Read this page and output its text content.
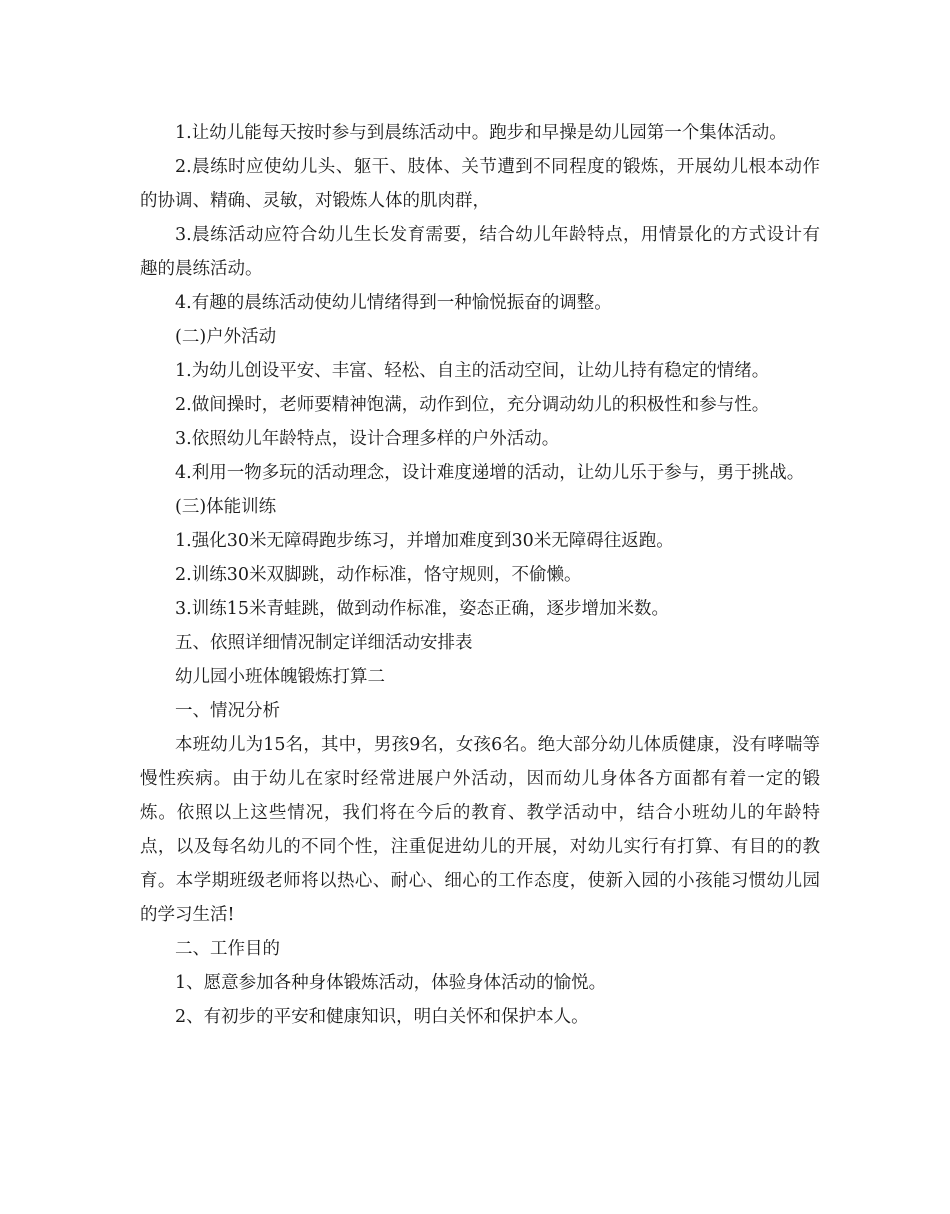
1.让幼儿能每天按时参与到晨练活动中。跑步和早操是幼儿园第一个集体活动。

2.晨练时应使幼儿头、躯干、肢体、关节遭到不同程度的锻炼，开展幼儿根本动作的协调、精确、灵敏，对锻炼人体的肌肉群，

3.晨练活动应符合幼儿生长发育需要，结合幼儿年龄特点，用情景化的方式设计有趣的晨练活动。

4.有趣的晨练活动使幼儿情绪得到一种愉悦振奋的调整。

(二)户外活动

1.为幼儿创设平安、丰富、轻松、自主的活动空间，让幼儿持有稳定的情绪。

2.做间操时，老师要精神饱满，动作到位，充分调动幼儿的积极性和参与性。

3.依照幼儿年龄特点，设计合理多样的户外活动。

4.利用一物多玩的活动理念，设计难度递增的活动，让幼儿乐于参与，勇于挑战。

(三)体能训练

1.强化30米无障碍跑步练习，并增加难度到30米无障碍往返跑。

2.训练30米双脚跳，动作标准，恪守规则，不偷懒。

3.训练15米青蛙跳，做到动作标准，姿态正确，逐步增加米数。

五、依照详细情况制定详细活动安排表

幼儿园小班体魄锻炼打算二

一、情况分析

本班幼儿为15名，其中，男孩9名，女孩6名。绝大部分幼儿体质健康，没有哮喘等慢性疾病。由于幼儿在家时经常进展户外活动，因而幼儿身体各方面都有着一定的锻炼。依照以上这些情况，我们将在今后的教育、教学活动中，结合小班幼儿的年龄特点，以及每名幼儿的不同个性，注重促进幼儿的开展，对幼儿实行有打算、有目的的教育。本学期班级老师将以热心、耐心、细心的工作态度，使新入园的小孩能习惯幼儿园的学习生活!

二、工作目的

1、愿意参加各种身体锻炼活动，体验身体活动的愉悦。

2、有初步的平安和健康知识，明白关怀和保护本人。
